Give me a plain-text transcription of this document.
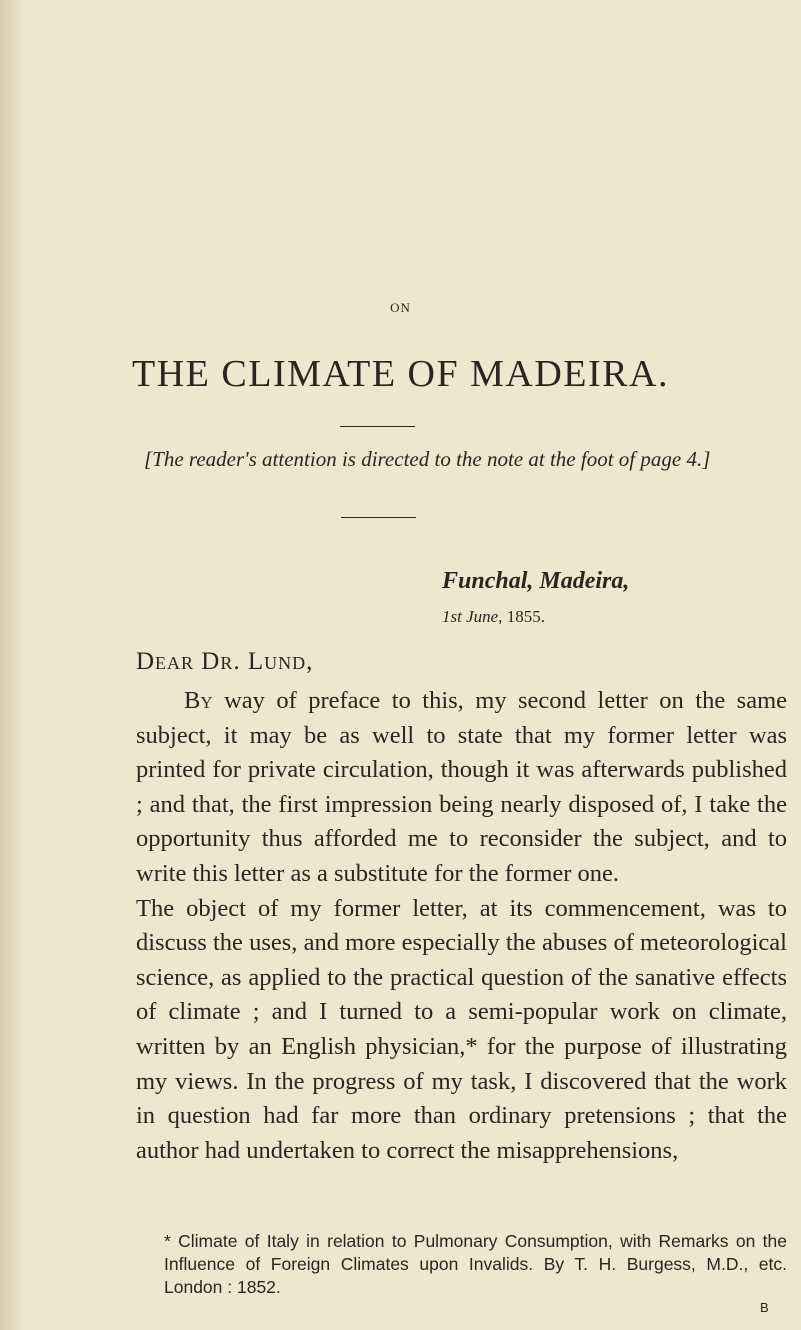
ON
THE CLIMATE OF MADEIRA.
[The reader's attention is directed to the note at the foot of page 4.]
Funchal, Madeira,
1st June, 1855.
Dear Dr. Lund,

By way of preface to this, my second letter on the same subject, it may be as well to state that my former letter was printed for private circulation, though it was afterwards published ; and that, the first impression being nearly disposed of, I take the opportunity thus afforded me to reconsider the subject, and to write this letter as a substitute for the former one.

The object of my former letter, at its commencement, was to discuss the uses, and more especially the abuses of meteorological science, as applied to the practical question of the sanative effects of climate ; and I turned to a semi-popular work on climate, written by an English physician,* for the purpose of illustrating my views. In the progress of my task, I discovered that the work in question had far more than ordinary pretensions ; that the author had undertaken to correct the misapprehensions,

* Climate of Italy in relation to Pulmonary Consumption, with Remarks on the Influence of Foreign Climates upon Invalids. By T. H. Burgess, M.D., etc. London : 1852.
B
